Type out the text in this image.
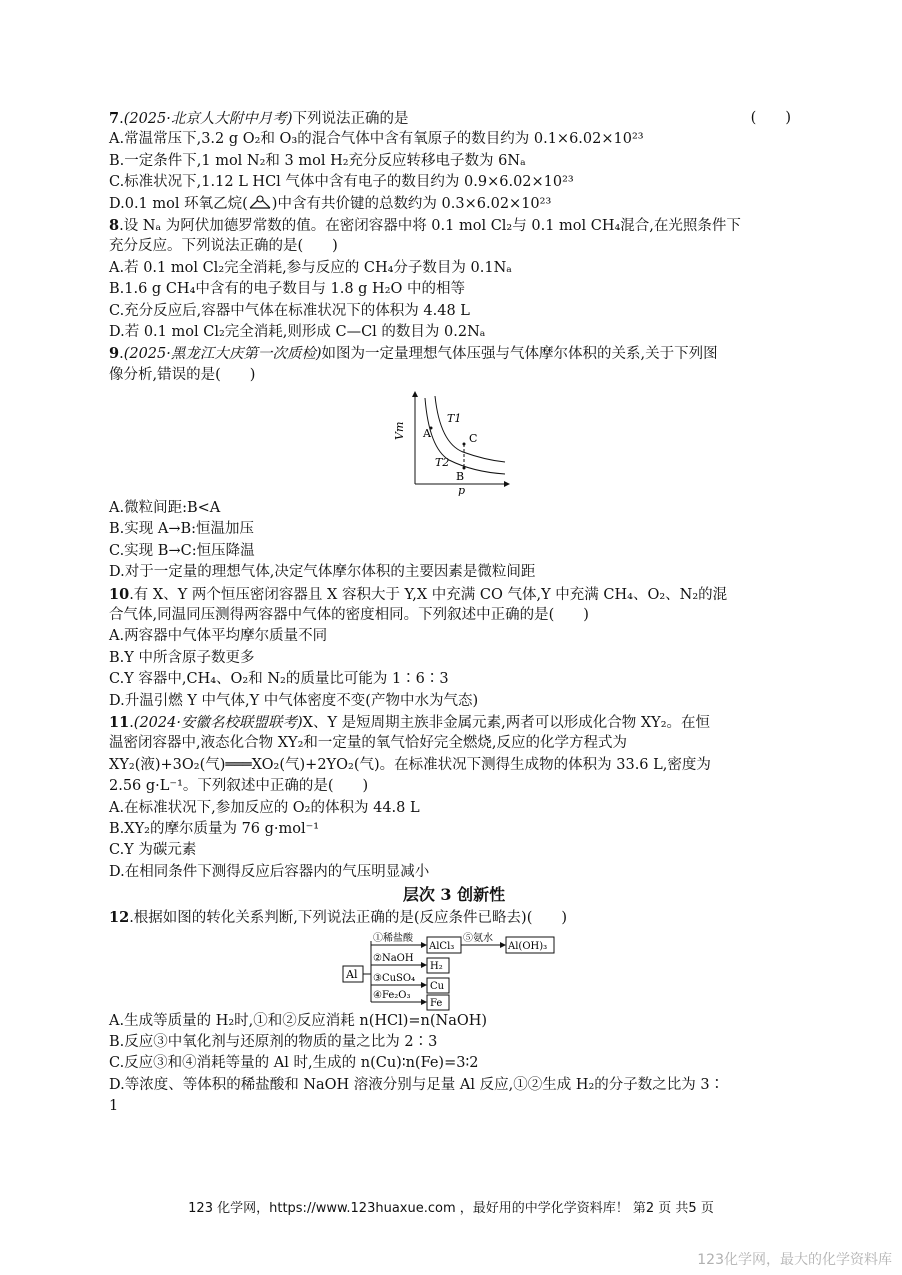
7.(2025·北京人大附中月考)下列说法正确的是	(　　)
A.常温常压下,3.2 g O₂和 O₃的混合气体中含有氧原子的数目约为 0.1×6.02×10²³
B.一定条件下,1 mol N₂和 3 mol H₂充分反应转移电子数为 6Nₐ
C.标准状况下,1.12 L HCl 气体中含有电子的数目约为 0.9×6.02×10²³
D.0.1 mol 环氧乙烷( )中含有共价键的总数约为 0.3×6.02×10²³
8.设 Nₐ 为阿伏加德罗常数的值。在密闭容器中将 0.1 mol Cl₂与 0.1 mol CH₄混合,在光照条件下
充分反应。下列说法正确的是(　　)
A.若 0.1 mol Cl₂完全消耗,参与反应的 CH₄分子数目为 0.1Nₐ
B.1.6 g CH₄中含有的电子数目与 1.8 g H₂O 中的相等
C.充分反应后,容器中气体在标准状况下的体积为 4.48 L
D.若 0.1 mol Cl₂完全消耗,则形成 C—Cl 的数目为 0.2Nₐ
9.(2025·黑龙江大庆第一次质检)如图为一定量理想气体压强与气体摩尔体积的关系,关于下列图
像分析,错误的是(　　)
Vm
p
T1
T2
A
B
C
A.微粒间距:B<A
B.实现 A→B:恒温加压
C.实现 B→C:恒压降温
D.对于一定量的理想气体,决定气体摩尔体积的主要因素是微粒间距
10.有 X、Y 两个恒压密闭容器且 X 容积大于 Y,X 中充满 CO 气体,Y 中充满 CH₄、O₂、N₂的混
合气体,同温同压测得两容器中气体的密度相同。下列叙述中正确的是(　　)
A.两容器中气体平均摩尔质量不同
B.Y 中所含原子数更多
C.Y 容器中,CH₄、O₂和 N₂的质量比可能为 1∶6∶3
D.升温引燃 Y 中气体,Y 中气体密度不变(产物中水为气态)
11.(2024·安徽名校联盟联考)X、Y 是短周期主族非金属元素,两者可以形成化合物 XY₂。在恒
温密闭容器中,液态化合物 XY₂和一定量的氧气恰好完全燃烧,反应的化学方程式为
XY₂(液)+3O₂(气)═══XO₂(气)+2YO₂(气)。在标准状况下测得生成物的体积为 33.6 L,密度为
2.56 g·L⁻¹。下列叙述中正确的是(　　)
A.在标准状况下,参加反应的 O₂的体积为 44.8 L
B.XY₂的摩尔质量为 76 g·mol⁻¹
C.Y 为碳元素
D.在相同条件下测得反应后容器内的气压明显减小
层次 3 创新性
12.根据如图的转化关系判断,下列说法正确的是(反应条件已略去)(　　)
Al
①稀盐酸
AlCl₃
⑤氨水
Al(OH)₃
②NaOH
H₂
③CuSO₄
Cu
④Fe₂O₃
Fe
A.生成等质量的 H₂时,①和②反应消耗 n(HCl)=n(NaOH)
B.反应③中氧化剂与还原剂的物质的量之比为 2∶3
C.反应③和④消耗等量的 Al 时,生成的 n(Cu)∶n(Fe)=3∶2
D.等浓度、等体积的稀盐酸和 NaOH 溶液分别与足量 Al 反应,①②生成 H₂的分子数之比为 3∶
1
123 化学网，https://www.123huaxue.com ，最好用的中学化学资料库！ 第2 页 共5 页
123化学网，最大的化学资料库
